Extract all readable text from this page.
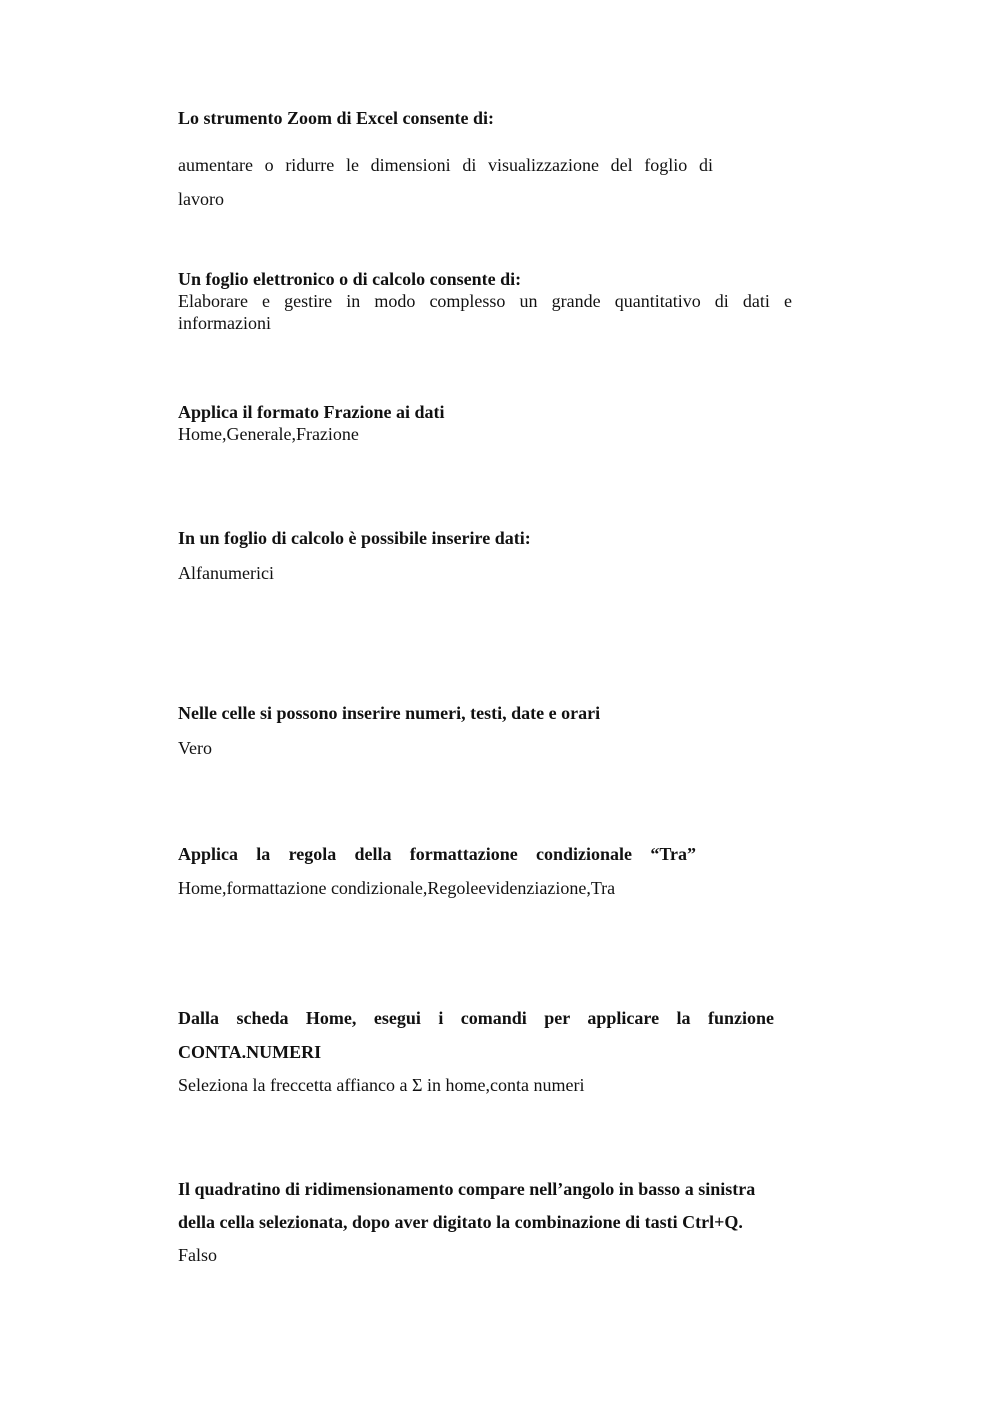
Lo strumento Zoom di Excel consente di:
aumentare o ridurre le dimensioni di visualizzazione del foglio di
lavoro
Un foglio elettronico o di calcolo consente di:
Elaborare e gestire in modo complesso un grande quantitativo di dati e
informazioni
Applica il formato Frazione ai dati
Home,Generale,Frazione
In un foglio di calcolo è possibile inserire dati:
Alfanumerici
Nelle celle si possono inserire numeri, testi, date e orari
Vero
Applica la regola della formattazione condizionale “Tra”
Home,formattazione condizionale,Regoleevidenziazione,Tra
Dalla scheda Home, esegui i comandi per applicare la funzione
CONTA.NUMERI
Seleziona la freccetta affianco a Σ in home,conta numeri
Il quadratino di ridimensionamento compare nell’angolo in basso a sinistra
della cella selezionata, dopo aver digitato la combinazione di tasti Ctrl+Q.
Falso
